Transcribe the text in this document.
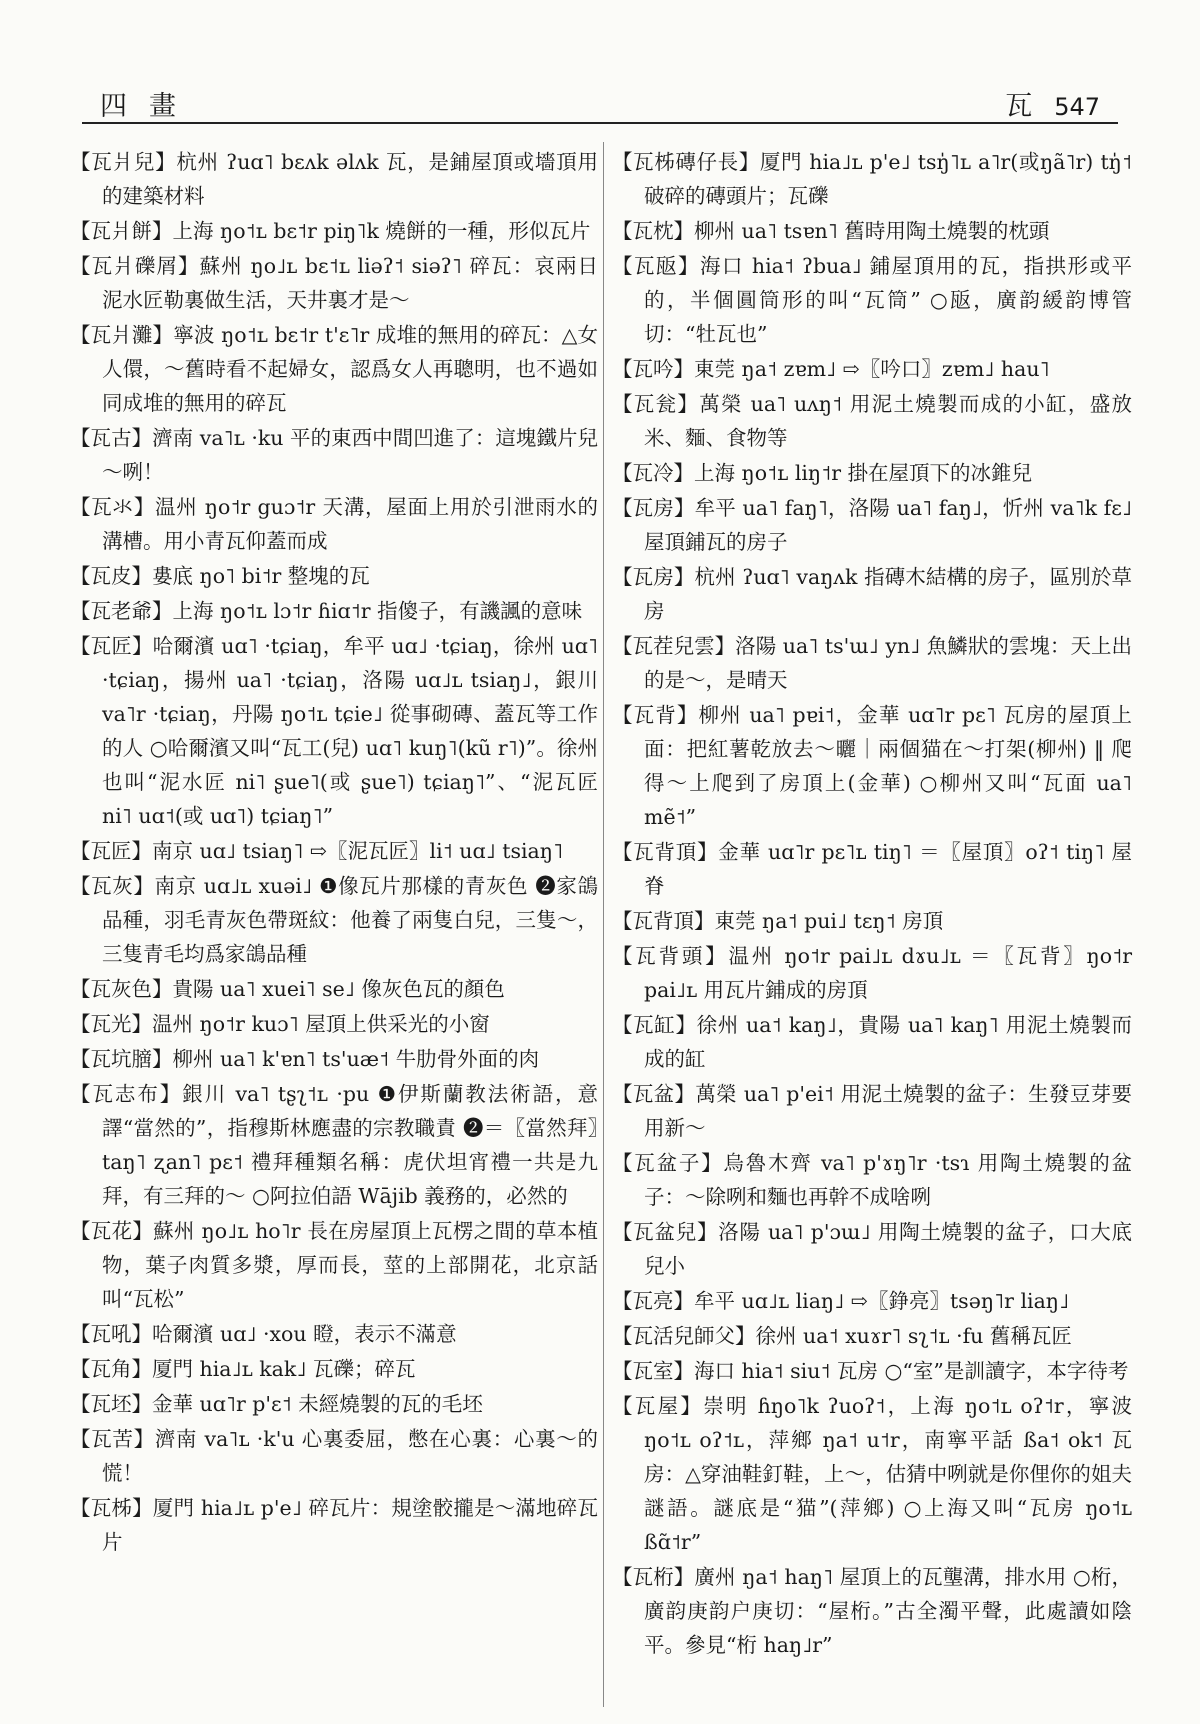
四畫	瓦 547
【瓦爿兒】杭州 ʔuɑ˥ bɛʌk əlʌk 瓦，是鋪屋頂或墻頂用的建築材料
【瓦爿餅】上海 ŋo˦ʟ bɛ˦r piŋ˥k 燒餅的一種，形似瓦片
【瓦爿礫屑】蘇州 ŋo˩ʟ bɛ˦ʟ liəʔ˦ siəʔ˥ 碎瓦：哀兩日泥水匠勒裏做生活，天井裏才是～
【瓦爿灘】寧波 ŋo˦ʟ bɛ˦r t'ɛ˥r 成堆的無用的碎瓦：△女人儇，～舊時看不起婦女，認爲女人再聰明，也不過如同成堆的無用的碎瓦
【瓦古】濟南 va˥ʟ ·ku 平的東西中間凹進了：這塊鐵片兒～咧！
【瓦氺】温州 ŋo˦r guɔ˦r 天溝，屋面上用於引泄雨水的溝槽。用小青瓦仰蓋而成
【瓦皮】婁底 ŋo˥ bi˦r 整塊的瓦
【瓦老爺】上海 ŋo˦ʟ lɔ˦r ɦiɑ˦r 指傻子，有譏諷的意味
【瓦匠】哈爾濱 uɑ˥ ·tɕiaŋ，牟平 uɑ˩ ·tɕiaŋ，徐州 uɑ˥ ·tɕiaŋ，揚州 ua˥ ·tɕiaŋ，洛陽 uɑ˩ʟ tsiaŋ˩，銀川 va˥r ·tɕiaŋ，丹陽 ŋo˦ʟ tɕie˩ 從事砌磚、蓋瓦等工作的人 ○哈爾濱又叫“瓦工(兒) uɑ˥ kuŋ˥(kũ r˥)”。徐州也叫“泥水匠 ni˥ ʂue˥(或 ʂue˥) tɕiaŋ˥”、“泥瓦匠 ni˥ uɑ˦(或 uɑ˥) tɕiaŋ˥”
【瓦匠】南京 uɑ˩ tsiaŋ˥ ⇨〖泥瓦匠〗li˦ uɑ˩ tsiaŋ˥
【瓦灰】南京 uɑ˩ʟ xuəi˩ ❶像瓦片那樣的青灰色 ❷家鴿品種，羽毛青灰色帶斑紋：他養了兩隻白兒，三隻～，三隻青毛均爲家鴿品種
【瓦灰色】貴陽 ua˥ xuei˥ se˩ 像灰色瓦的顏色
【瓦光】温州 ŋo˦r kuɔ˥ 屋頂上供采光的小窗
【瓦坑膪】柳州 ua˥ k'ɐn˥ ts'uæ˦ 牛肋骨外面的肉
【瓦志布】銀川 va˥ tʂʅ˦ʟ ·pu ❶伊斯蘭教法術語，意譯“當然的”，指穆斯林應盡的宗教職責 ❷＝〖當然拜〗taŋ˥ ʐan˥ pɛ˦ 禮拜種類名稱：虎伏坦宵禮一共是九拜，有三拜的～ ○阿拉伯語 Wājib 義務的，必然的
【瓦花】蘇州 ŋo˩ʟ ho˥r 長在房屋頂上瓦楞之間的草本植物，葉子肉質多漿，厚而長，莖的上部開花，北京話叫“瓦松”
【瓦吼】哈爾濱 uɑ˩ ·xou 瞪，表示不滿意
【瓦角】厦門 hia˩ʟ kak˩ 瓦礫；碎瓦
【瓦坯】金華 uɑ˥r p'ɛ˦ 未經燒製的瓦的毛坯
【瓦苦】濟南 va˥ʟ ·k'u 心裏委屈，憋在心裏：心裏～的慌！
【瓦柹】厦門 hia˩ʟ p'e˩ 碎瓦片：規塗骹攏是～滿地碎瓦片
【瓦柹磚仔長】厦門 hia˩ʟ p'e˩ tsŋ̍˥ʟ a˥r(或ŋã˥r) tŋ̍˦ 破碎的磚頭片；瓦礫
【瓦枕】柳州 ua˥ tsɐn˥ 舊時用陶土燒製的枕頭
【瓦瓪】海口 hia˦ ʔbua˩ 鋪屋頂用的瓦，指拱形或平的，半個圓筒形的叫“瓦筒” ○瓪，廣韵緩韵博管切：“牡瓦也”
【瓦吟】東莞 ŋa˦ zɐm˩ ⇨〖吟口〗zɐm˩ hau˥
【瓦瓮】萬榮 ua˥ uʌŋ˦ 用泥土燒製而成的小缸，盛放米、麵、食物等
【瓦冷】上海 ŋo˦ʟ liŋ˦r 掛在屋頂下的冰錐兒
【瓦房】牟平 ua˥ faŋ˥，洛陽 ua˥ faŋ˩，忻州 va˥k fɛ˩ 屋頂鋪瓦的房子
【瓦房】杭州 ʔuɑ˥ vaŋʌk 指磚木結構的房子，區別於草房
【瓦茬兒雲】洛陽 ua˥ ts'ɯ˩ yn˩ 魚鱗狀的雲塊：天上出的是～，是晴天
【瓦背】柳州 ua˥ pɐi˦，金華 uɑ˥r pɛ˥ 瓦房的屋頂上面：把紅薯乾放去～曬｜兩個猫在～打架(柳州) ‖ 爬得～上爬到了房頂上(金華) ○柳州又叫“瓦面 ua˥ mẽ˦”
【瓦背頂】金華 uɑ˥r pɛ˥ʟ tiŋ˥ ＝〖屋頂〗oʔ˦ tiŋ˥ 屋脊
【瓦背頂】東莞 ŋa˦ pui˩ tɛŋ˦ 房頂
【瓦背頭】温州 ŋo˦r pai˩ʟ dɤu˩ʟ ＝〖瓦背〗ŋo˦r pai˩ʟ 用瓦片鋪成的房頂
【瓦缸】徐州 ua˦ kaŋ˩，貴陽 ua˥ kaŋ˥ 用泥土燒製而成的缸
【瓦盆】萬榮 ua˥ p'ei˦ 用泥土燒製的盆子：生發豆芽要用新～
【瓦盆子】烏魯木齊 va˥ p'ɤŋ˥r ·tsɿ 用陶土燒製的盆子：～除咧和麵也再幹不成啥咧
【瓦盆兒】洛陽 ua˥ p'ɔɯ˩ 用陶土燒製的盆子，口大底兒小
【瓦亮】牟平 uɑ˩ʟ liaŋ˩ ⇨〖錚亮〗tsəŋ˥r liaŋ˩
【瓦活兒師父】徐州 ua˦ xuɤr˥ sʅ˦ʟ ·fu 舊稱瓦匠
【瓦室】海口 hia˦ siu˦ 瓦房 ○“室”是訓讀字，本字待考
【瓦屋】崇明 ɦŋo˥k ʔuoʔ˦，上海 ŋo˦ʟ oʔ˦r，寧波 ŋo˦ʟ oʔ˦ʟ，萍鄉 ŋa˦ u˦r，南寧平話 ßa˦ ok˦ 瓦房：△穿油鞋釘鞋，上～，估猜中咧就是你俚你的姐夫謎語。謎底是“猫”(萍鄉) ○上海又叫“瓦房 ŋo˦ʟ ßɑ̃˦r”
【瓦桁】廣州 ŋa˦ haŋ˥ 屋頂上的瓦壟溝，排水用 ○桁，廣韵庚韵户庚切：“屋桁。”古全濁平聲，此處讀如陰平。參見“桁 haŋ˩r”
